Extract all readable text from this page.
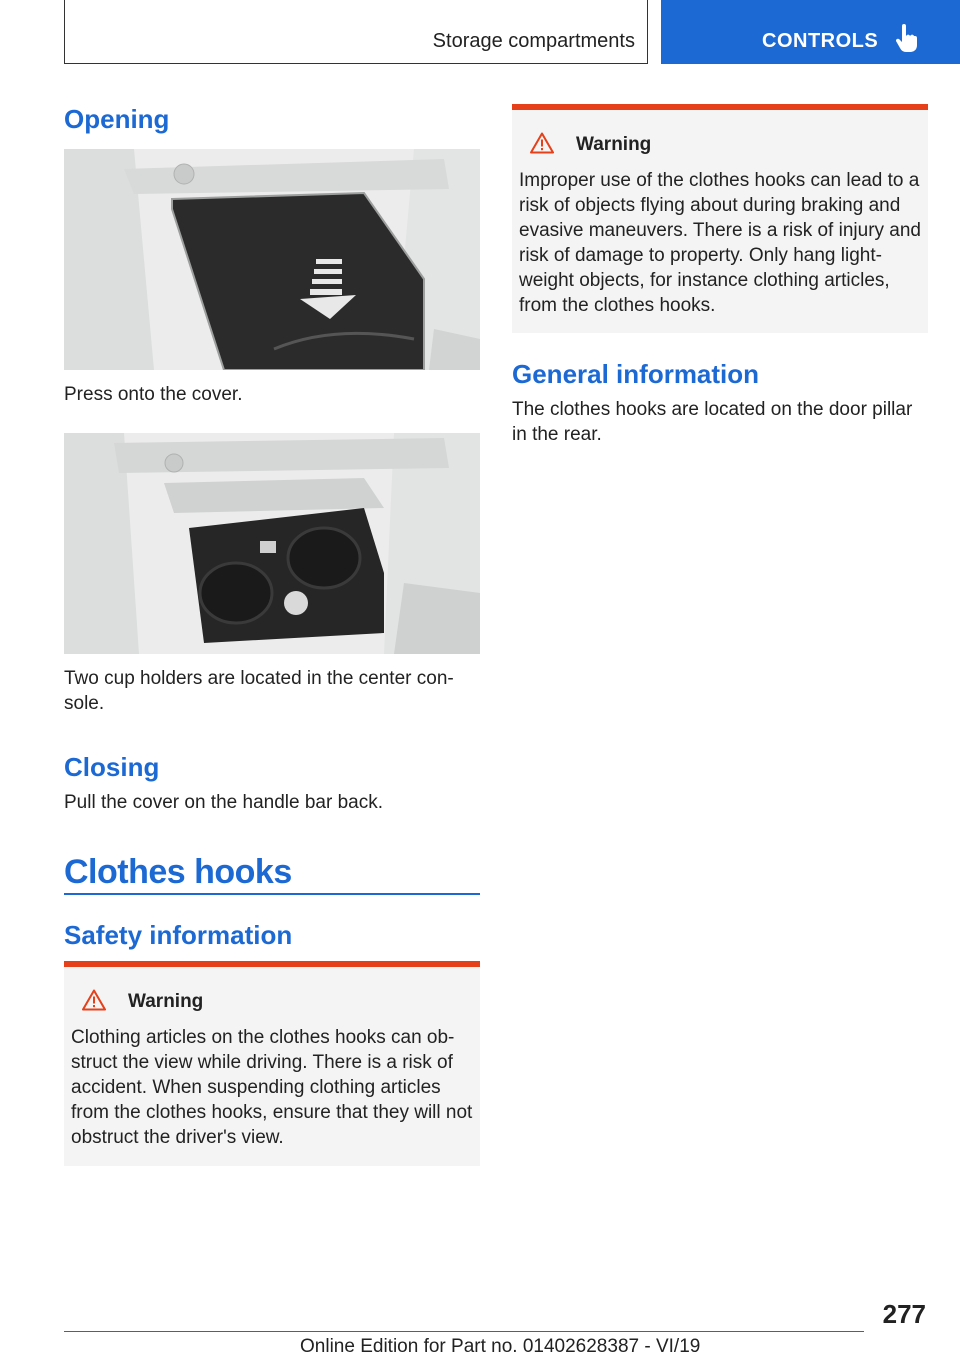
Storage compartments	CONTROLS
Opening

Press onto the cover.

Two cup holders are located in the center con-sole.

Closing

Pull the cover on the handle bar back.

Clothes hooks
Safety information
Warning

Clothing articles on the clothes hooks can ob-struct the view while driving. There is a risk of accident. When suspending clothing articles from the clothes hooks, ensure that they will not obstruct the driver's view.

Warning

Improper use of the clothes hooks can lead to a risk of objects flying about during braking and evasive maneuvers. There is a risk of injury and risk of damage to property. Only hang light-weight objects, for instance clothing articles, from the clothes hooks.

General information

The clothes hooks are located on the door pillar in the rear.

277
Online Edition for Part no. 01402628387 - VI/19
